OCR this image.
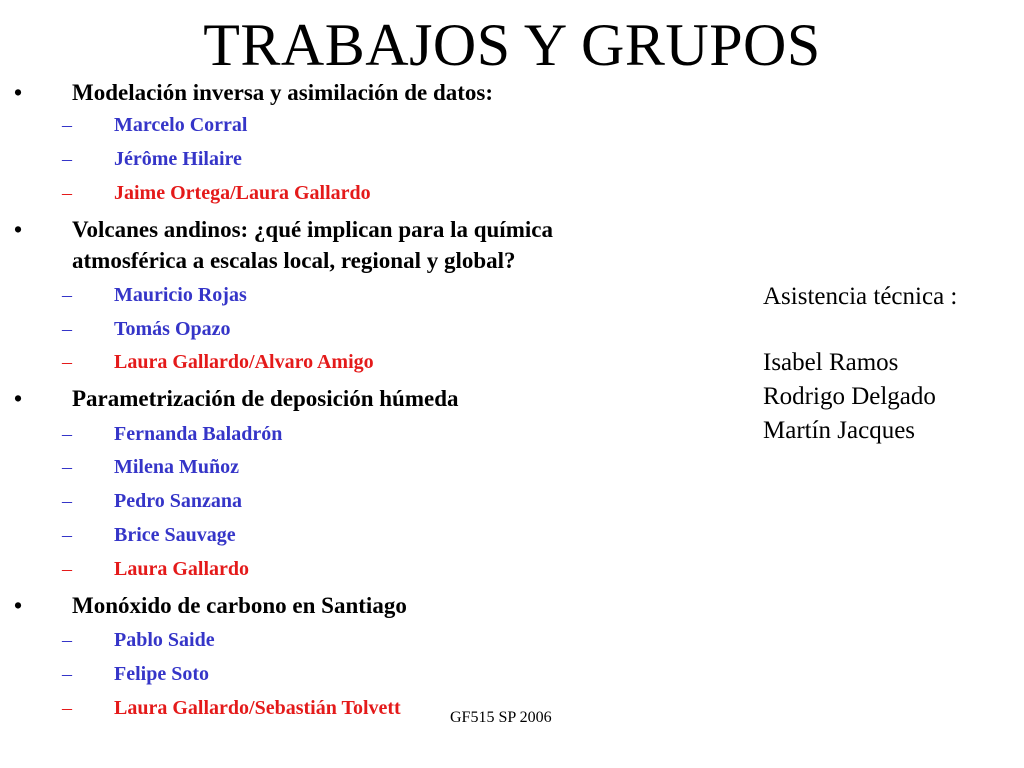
TRABAJOS Y GRUPOS
• Modelación inversa y asimilación de datos:
– Marcelo Corral
– Jérôme Hilaire
– Jaime Ortega/Laura Gallardo
• Volcanes andinos: ¿qué implican para la química
atmosférica a escalas local, regional y global?
– Mauricio Rojas
– Tomás Opazo
– Laura Gallardo/Alvaro Amigo
• Parametrización de deposición húmeda
– Fernanda Baladrón
– Milena Muñoz
– Pedro Sanzana
– Brice Sauvage
– Laura Gallardo
• Monóxido de carbono en Santiago
– Pablo Saide
– Felipe Soto
– Laura Gallardo/Sebastián Tolvett
Asistencia técnica :
Isabel Ramos
Rodrigo Delgado
Martín Jacques
GF515 SP 2006
